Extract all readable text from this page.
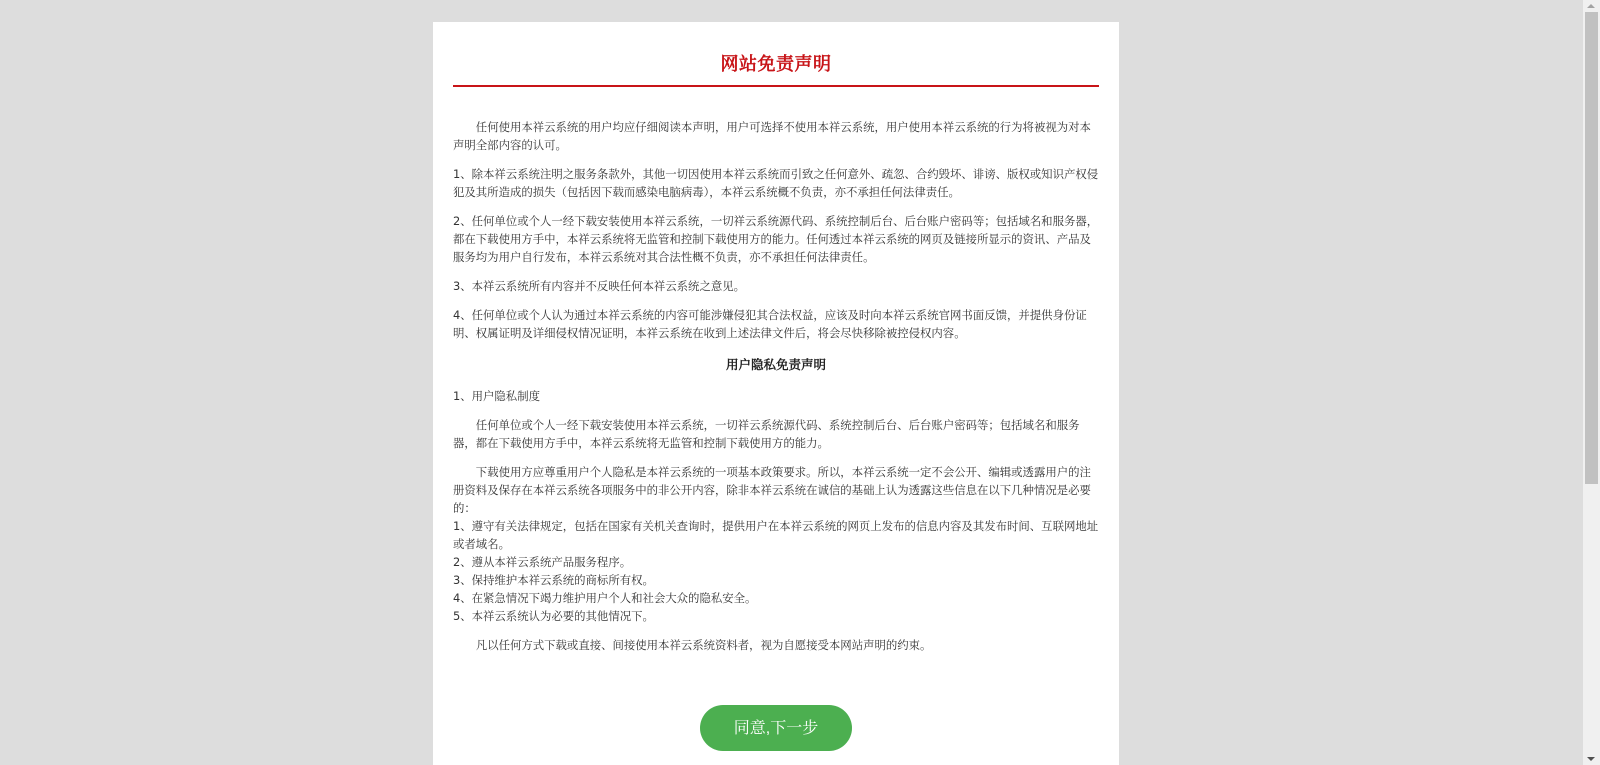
网站免责声明

任何使用本祥云系统的用户均应仔细阅读本声明，用户可选择不使用本祥云系统，用户使用本祥云系统的行为将被视为对本声明全部内容的认可。

1、除本祥云系统注明之服务条款外，其他一切因使用本祥云系统而引致之任何意外、疏忽、合约毁坏、诽谤、版权或知识产权侵犯及其所造成的损失（包括因下载而感染电脑病毒），本祥云系统概不负责，亦不承担任何法律责任。

2、任何单位或个人一经下载安装使用本祥云系统，一切祥云系统源代码、系统控制后台、后台账户密码等；包括域名和服务器，都在下载使用方手中，本祥云系统将无监管和控制下载使用方的能力。任何透过本祥云系统的网页及链接所显示的资讯、产品及服务均为用户自行发布，本祥云系统对其合法性概不负责，亦不承担任何法律责任。

3、本祥云系统所有内容并不反映任何本祥云系统之意见。

4、任何单位或个人认为通过本祥云系统的内容可能涉嫌侵犯其合法权益，应该及时向本祥云系统官网书面反馈，并提供身份证明、权属证明及详细侵权情况证明，本祥云系统在收到上述法律文件后，将会尽快移除被控侵权内容。

用户隐私免责声明

1、用户隐私制度

任何单位或个人一经下载安装使用本祥云系统，一切祥云系统源代码、系统控制后台、后台账户密码等；包括域名和服务器，都在下载使用方手中，本祥云系统将无监管和控制下载使用方的能力。

下载使用方应尊重用户个人隐私是本祥云系统的一项基本政策要求。所以，本祥云系统一定不会公开、编辑或透露用户的注册资料及保存在本祥云系统各项服务中的非公开内容，除非本祥云系统在诚信的基础上认为透露这些信息在以下几种情况是必要的：
1、遵守有关法律规定，包括在国家有关机关查询时，提供用户在本祥云系统的网页上发布的信息内容及其发布时间、互联网地址或者域名。
2、遵从本祥云系统产品服务程序。
3、保持维护本祥云系统的商标所有权。
4、在紧急情况下竭力维护用户个人和社会大众的隐私安全。
5、本祥云系统认为必要的其他情况下。

凡以任何方式下载或直接、间接使用本祥云系统资料者，视为自愿接受本网站声明的约束。

同意,下一步
